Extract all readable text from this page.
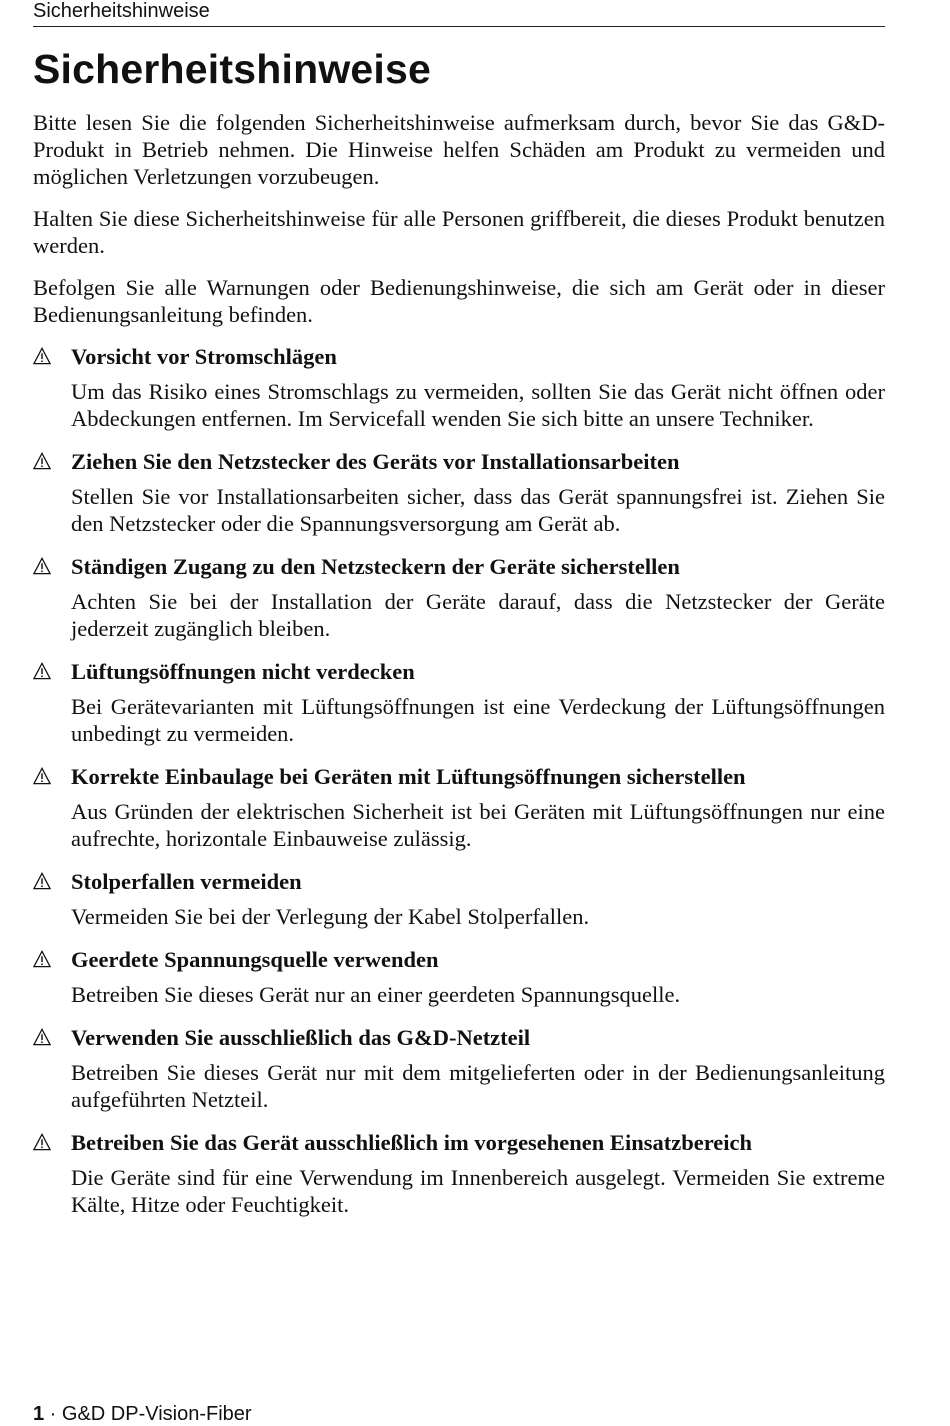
Sicherheitshinweise
Sicherheitshinweise

Bitte lesen Sie die folgenden Sicherheitshinweise aufmerksam durch, bevor Sie das G&D-Produkt in Betrieb nehmen. Die Hinweise helfen Schäden am Produkt zu vermeiden und möglichen Verletzungen vorzubeugen.

Halten Sie diese Sicherheitshinweise für alle Personen griffbereit, die dieses Produkt benutzen werden.

Befolgen Sie alle Warnungen oder Bedienungshinweise, die sich am Gerät oder in dieser Bedienungsanleitung befinden.

Vorsicht vor Stromschlägen
Um das Risiko eines Stromschlags zu vermeiden, sollten Sie das Gerät nicht öffnen oder Abdeckungen entfernen. Im Servicefall wenden Sie sich bitte an unsere Techniker.
Ziehen Sie den Netzstecker des Geräts vor Installationsarbeiten
Stellen Sie vor Installationsarbeiten sicher, dass das Gerät spannungsfrei ist. Ziehen Sie den Netzstecker oder die Spannungsversorgung am Gerät ab.
Ständigen Zugang zu den Netzsteckern der Geräte sicherstellen
Achten Sie bei der Installation der Geräte darauf, dass die Netzstecker der Geräte jederzeit zugänglich bleiben.
Lüftungsöffnungen nicht verdecken
Bei Gerätevarianten mit Lüftungsöffnungen ist eine Verdeckung der Lüftungsöffnungen unbedingt zu vermeiden.
Korrekte Einbaulage bei Geräten mit Lüftungsöffnungen sicherstellen
Aus Gründen der elektrischen Sicherheit ist bei Geräten mit Lüftungsöffnungen nur eine aufrechte, horizontale Einbauweise zulässig.
Stolperfallen vermeiden
Vermeiden Sie bei der Verlegung der Kabel Stolperfallen.
Geerdete Spannungsquelle verwenden
Betreiben Sie dieses Gerät nur an einer geerdeten Spannungsquelle.
Verwenden Sie ausschließlich das G&D-Netzteil
Betreiben Sie dieses Gerät nur mit dem mitgelieferten oder in der Bedienungsanleitung aufgeführten Netzteil.
Betreiben Sie das Gerät ausschließlich im vorgesehenen Einsatzbereich
Die Geräte sind für eine Verwendung im Innenbereich ausgelegt. Vermeiden Sie extreme Kälte, Hitze oder Feuchtigkeit.
1 · G&D DP-Vision-Fiber
